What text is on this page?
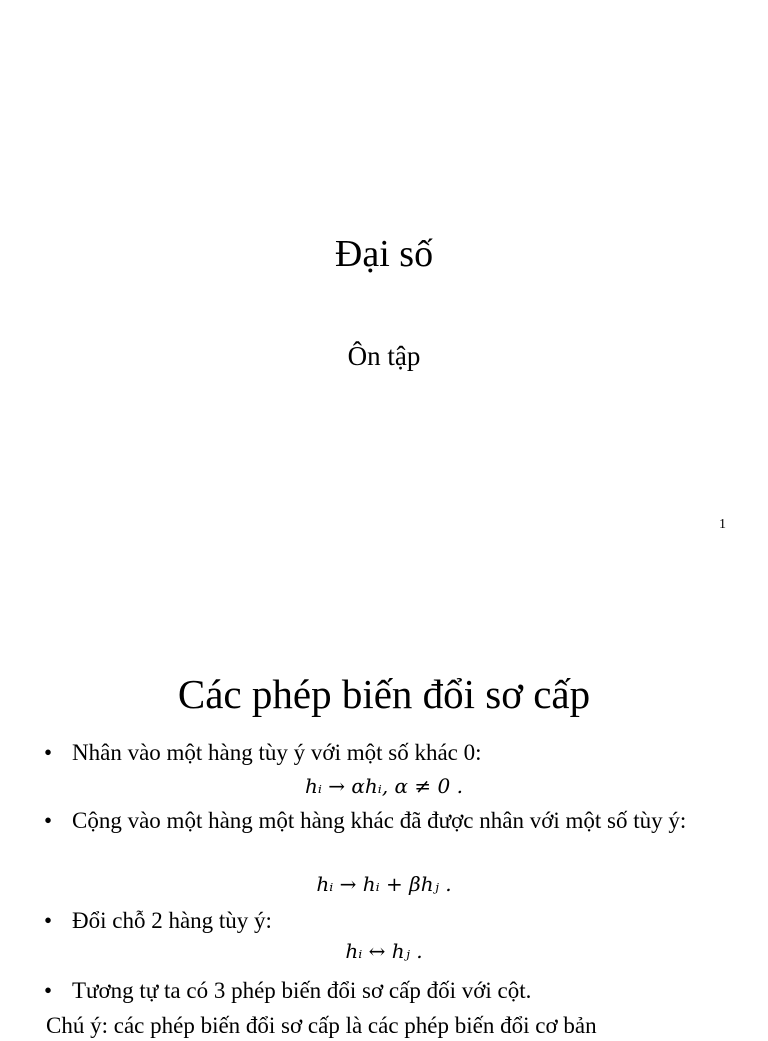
Đại số
Ôn tập
1
Các phép biến đổi sơ cấp
• Nhân vào một hàng tùy ý với một số khác 0:
hᵢ → αhᵢ, α ≠ 0 .
• Cộng vào một hàng một hàng khác đã được nhân với một số tùy ý:
hᵢ → hᵢ + βhⱼ .
• Đổi chỗ 2 hàng tùy ý:
hᵢ ↔ hⱼ .
• Tương tự ta có 3 phép biến đổi sơ cấp đối với cột.
Chú ý: các phép biến đổi sơ cấp là các phép biến đổi cơ bản
